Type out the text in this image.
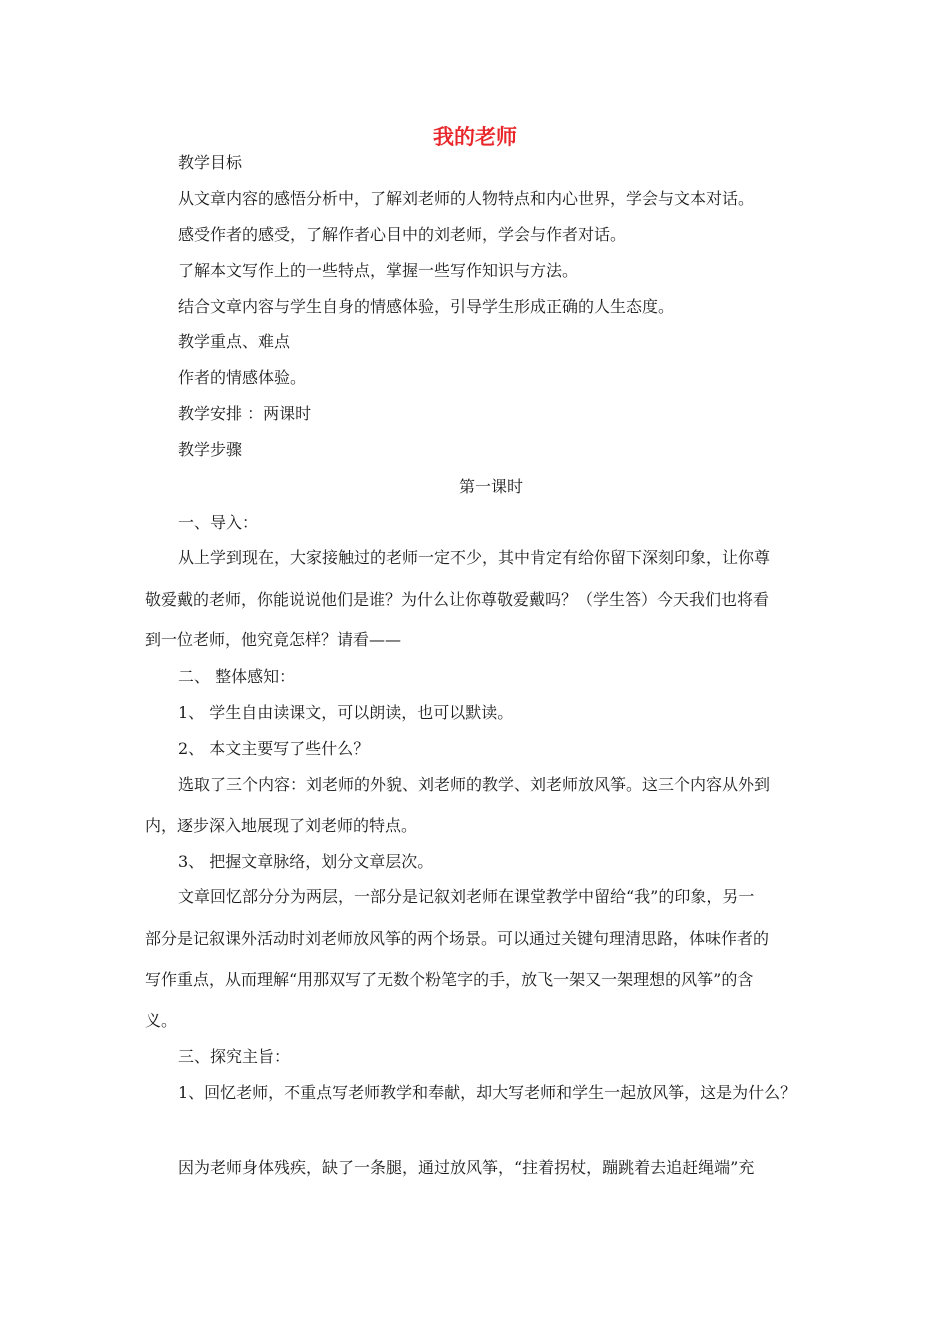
我的老师
教学目标
从文章内容的感悟分析中，了解刘老师的人物特点和内心世界，学会与文本对话。
感受作者的感受，了解作者心目中的刘老师，学会与作者对话。
了解本文写作上的一些特点，掌握一些写作知识与方法。
结合文章内容与学生自身的情感体验，引导学生形成正确的人生态度。
教学重点、难点
作者的情感体验。
教学安排 ：两课时
教学步骤
第一课时
一、导入：
从上学到现在，大家接触过的老师一定不少，其中肯定有给你留下深刻印象，让你尊
敬爱戴的老师，你能说说他们是谁？为什么让你尊敬爱戴吗？（学生答）今天我们也将看
到一位老师，他究竟怎样？请看——
二、 整体感知：
1、 学生自由读课文，可以朗读，也可以默读。
2、 本文主要写了些什么？
选取了三个内容：刘老师的外貌、刘老师的教学、刘老师放风筝。这三个内容从外到
内，逐步深入地展现了刘老师的特点。
3、 把握文章脉络，划分文章层次。
文章回忆部分分为两层，一部分是记叙刘老师在课堂教学中留给“我”的印象，另一
部分是记叙课外活动时刘老师放风筝的两个场景。可以通过关键句理清思路，体味作者的
写作重点，从而理解“用那双写了无数个粉笔字的手，放飞一架又一架理想的风筝”的含
义。
三、探究主旨：
1、回忆老师，不重点写老师教学和奉献，却大写老师和学生一起放风筝，这是为什么？
因为老师身体残疾，缺了一条腿，通过放风筝，“拄着拐杖，蹦跳着去追赶绳端”充
